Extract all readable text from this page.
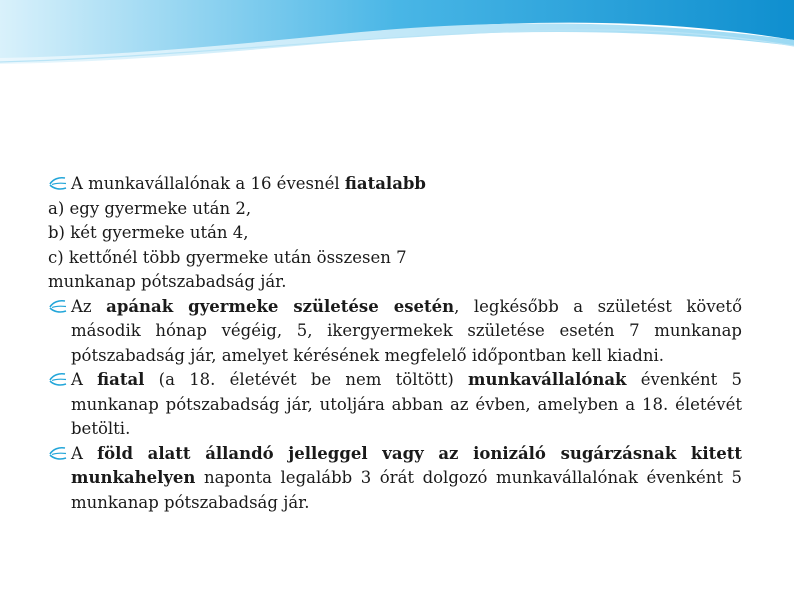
A munkavállalónak a 16 évesnél fiatalabb
a) egy gyermeke után 2,
b) két gyermeke után 4,
c) kettőnél több gyermeke után összesen 7
munkanap pótszabadság jár.
Az apának gyermeke születése esetén, legkésőbb a születést követő második hónap végéig, 5, ikergyermekek születése esetén 7 munkanap pótszabadság jár, amelyet kérésének megfelelő időpontban kell kiadni.
A fiatal (a 18. életévét be nem töltött) munkavállalónak évenként 5 munkanap pótszabadság jár, utoljára abban az évben, amelyben a 18. életévét betölti.
A föld alatt állandó jelleggel vagy az ionizáló sugárzásnak kitett munkahelyen naponta legalább 3 órát dolgozó munkavállalónak évenként 5 munkanap pótszabadság jár.
